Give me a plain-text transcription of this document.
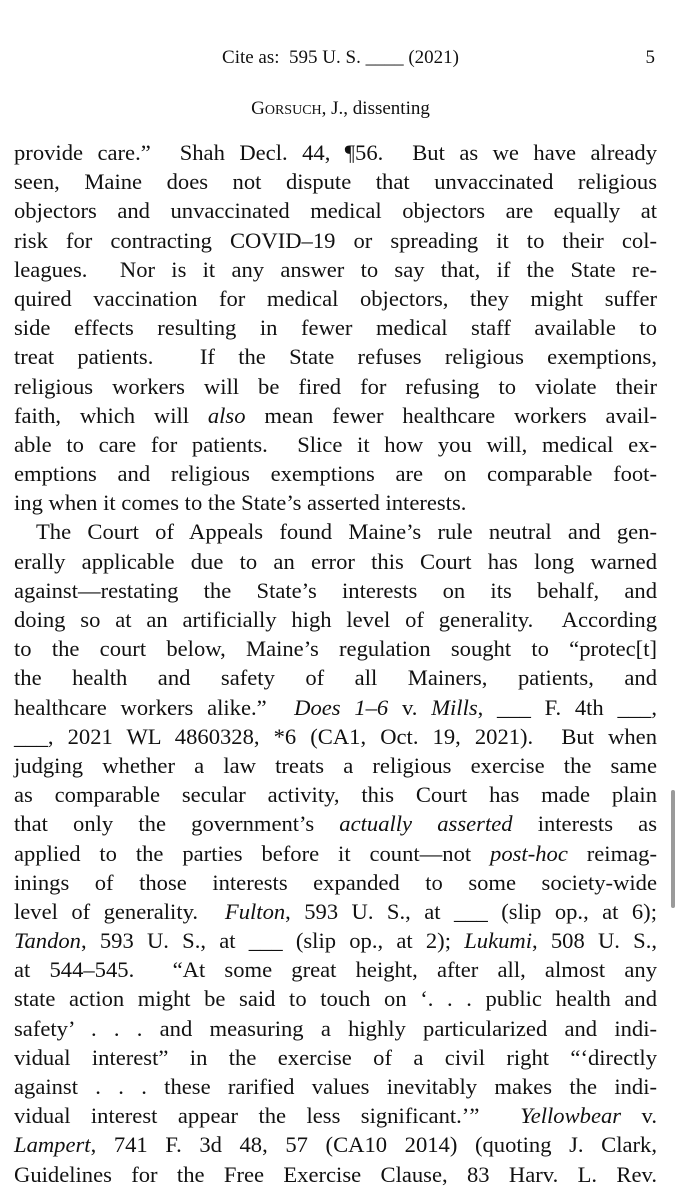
Cite as:  595 U. S. ____ (2021)	5
GORSUCH, J., dissenting
provide care.”  Shah Decl. 44, ¶56.  But as we have already
seen, Maine does not dispute that unvaccinated religious
objectors and unvaccinated medical objectors are equally at
risk for contracting COVID–19 or spreading it to their col-
leagues.  Nor is it any answer to say that, if the State re-
quired vaccination for medical objectors, they might suffer
side effects resulting in fewer medical staff available to
treat patients.  If the State refuses religious exemptions,
religious workers will be fired for refusing to violate their
faith, which will also mean fewer healthcare workers avail-
able to care for patients.  Slice it how you will, medical ex-
emptions and religious exemptions are on comparable foot-
ing when it comes to the State’s asserted interests.
The Court of Appeals found Maine’s rule neutral and gen-
erally applicable due to an error this Court has long warned
against—restating the State’s interests on its behalf, and
doing so at an artificially high level of generality.  According
to the court below, Maine’s regulation sought to “protec[t]
the health and safety of all Mainers, patients, and
healthcare workers alike.”  Does 1–6 v. Mills, ___ F. 4th ___,
___, 2021 WL 4860328, *6 (CA1, Oct. 19, 2021).  But when
judging whether a law treats a religious exercise the same
as comparable secular activity, this Court has made plain
that only the government’s actually asserted interests as
applied to the parties before it count—not post-hoc reimag-
inings of those interests expanded to some society-wide
level of generality.  Fulton, 593 U. S., at ___ (slip op., at 6);
Tandon, 593 U. S., at ___ (slip op., at 2); Lukumi, 508 U. S.,
at 544–545.  “At some great height, after all, almost any
state action might be said to touch on ‘. . . public health and
safety’ . . . and measuring a highly particularized and indi-
vidual interest” in the exercise of a civil right “‘directly
against . . . these rarified values inevitably makes the indi-
vidual interest appear the less significant.’”  Yellowbear v.
Lampert, 741 F. 3d 48, 57 (CA10 2014) (quoting J. Clark,
Guidelines for the Free Exercise Clause, 83 Harv. L. Rev.
